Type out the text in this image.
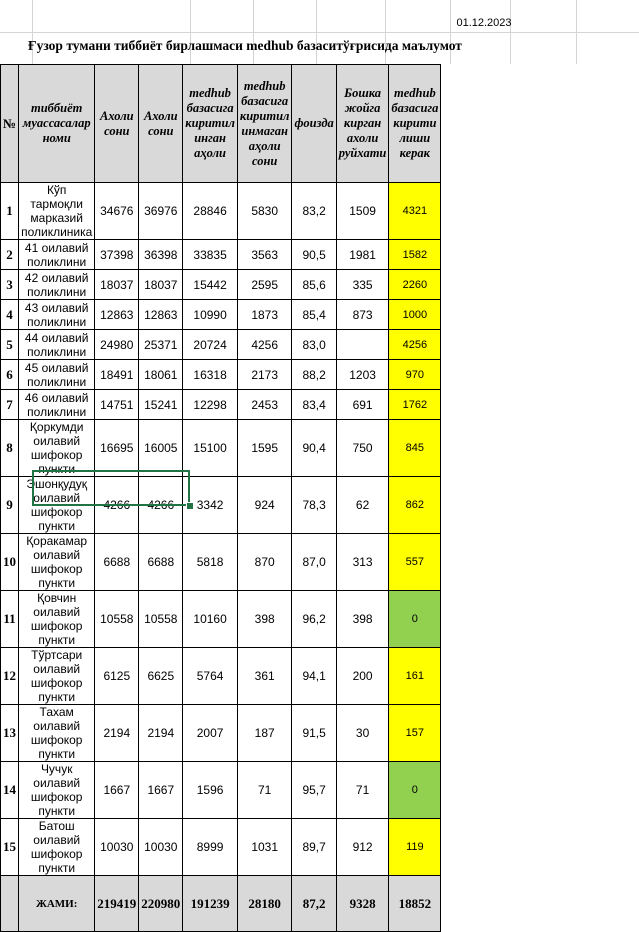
01.12.2023
Ғузор тумани тиббиёт бирлашмаси medhub базаситўғрисида маълумот
№	тиббиёт муассасалар номи	Ахоли сони	Ахоли сони	medhub базасига киритил инган аҳоли	medhub базасига киритил инмаган аҳоли сони	фоизда	Бошка жойга кирган ахоли руйхати	medhub базасига кирити лиши керак
1	Кўп тармоқли марказий поликлиника	34676	36976	28846	5830	83,2	1509	4321
2	41 оилавий поликлини	37398	36398	33835	3563	90,5	1981	1582
3	42 оилавий поликлини	18037	18037	15442	2595	85,6	335	2260
4	43 оилавий поликлини	12863	12863	10990	1873	85,4	873	1000
5	44 оилавий поликлини	24980	25371	20724	4256	83,0		4256
6	45 оилавий поликлини	18491	18061	16318	2173	88,2	1203	970
7	46 оилавий поликлини	14751	15241	12298	2453	83,4	691	1762
8	Қоркумди оилавий шифокор пункти	16695	16005	15100	1595	90,4	750	845
9	Эшонқудуқ оилавий шифокор пункти	4266	4266	3342	924	78,3	62	862
10	Қоракамар оилавий шифокор пункти	6688	6688	5818	870	87,0	313	557
11	Қовчин оилавий шифокор пункти	10558	10558	10160	398	96,2	398	0
12	Тўртсари оилавий шифокор пункти	6125	6625	5764	361	94,1	200	161
13	Тахам оилавий шифокор пункти	2194	2194	2007	187	91,5	30	157
14	Чучук оилавий шифокор пункти	1667	1667	1596	71	95,7	71	0
15	Батош оилавий шифокор пункти	10030	10030	8999	1031	89,7	912	119
	ЖАМИ:	219419	220980	191239	28180	87,2	9328	18852
